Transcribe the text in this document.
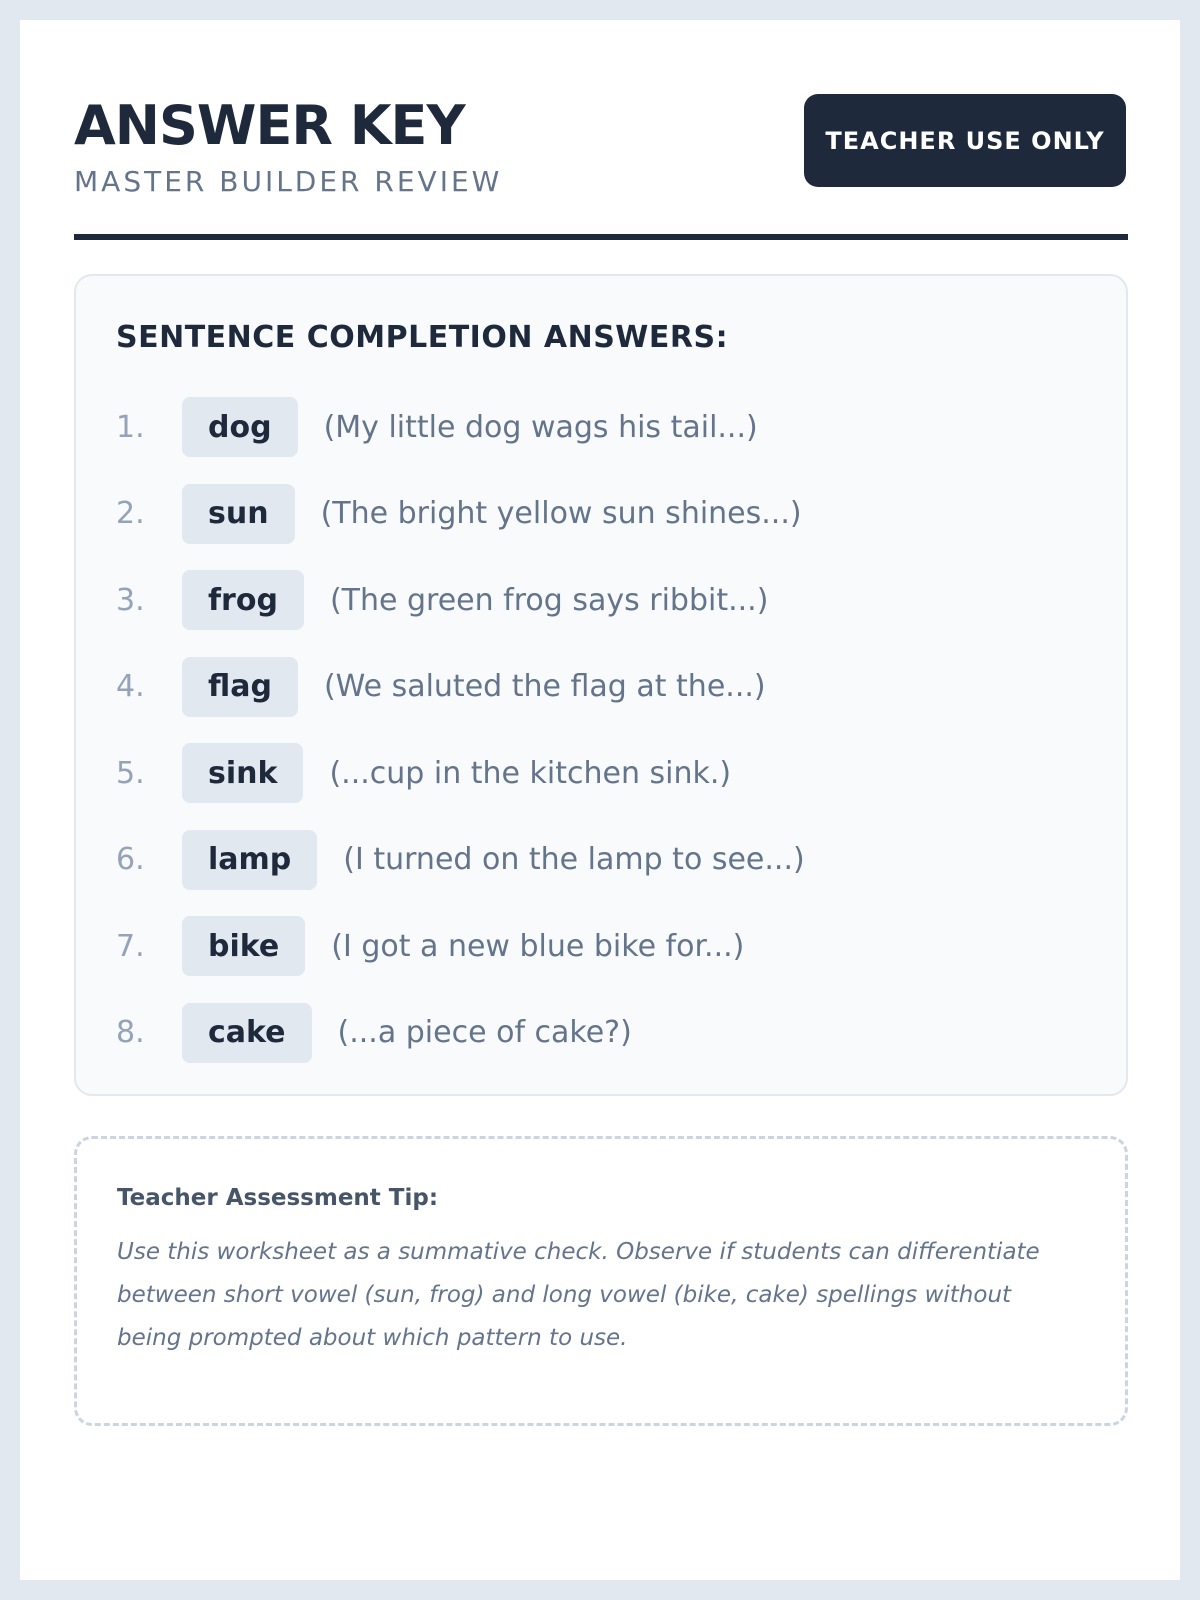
ANSWER KEY
MASTER BUILDER REVIEW
TEACHER USE ONLY
SENTENCE COMPLETION ANSWERS:
1.	dog	(My little dog wags his tail...)
2.	sun	(The bright yellow sun shines...)
3.	frog	(The green frog says ribbit...)
4.	flag	(We saluted the flag at the...)
5.	sink	(...cup in the kitchen sink.)
6.	lamp	(I turned on the lamp to see...)
7.	bike	(I got a new blue bike for...)
8.	cake	(...a piece of cake?)
Teacher Assessment Tip:

Use this worksheet as a summative check. Observe if students can differentiate between short vowel (sun, frog) and long vowel (bike, cake) spellings without being prompted about which pattern to use.
